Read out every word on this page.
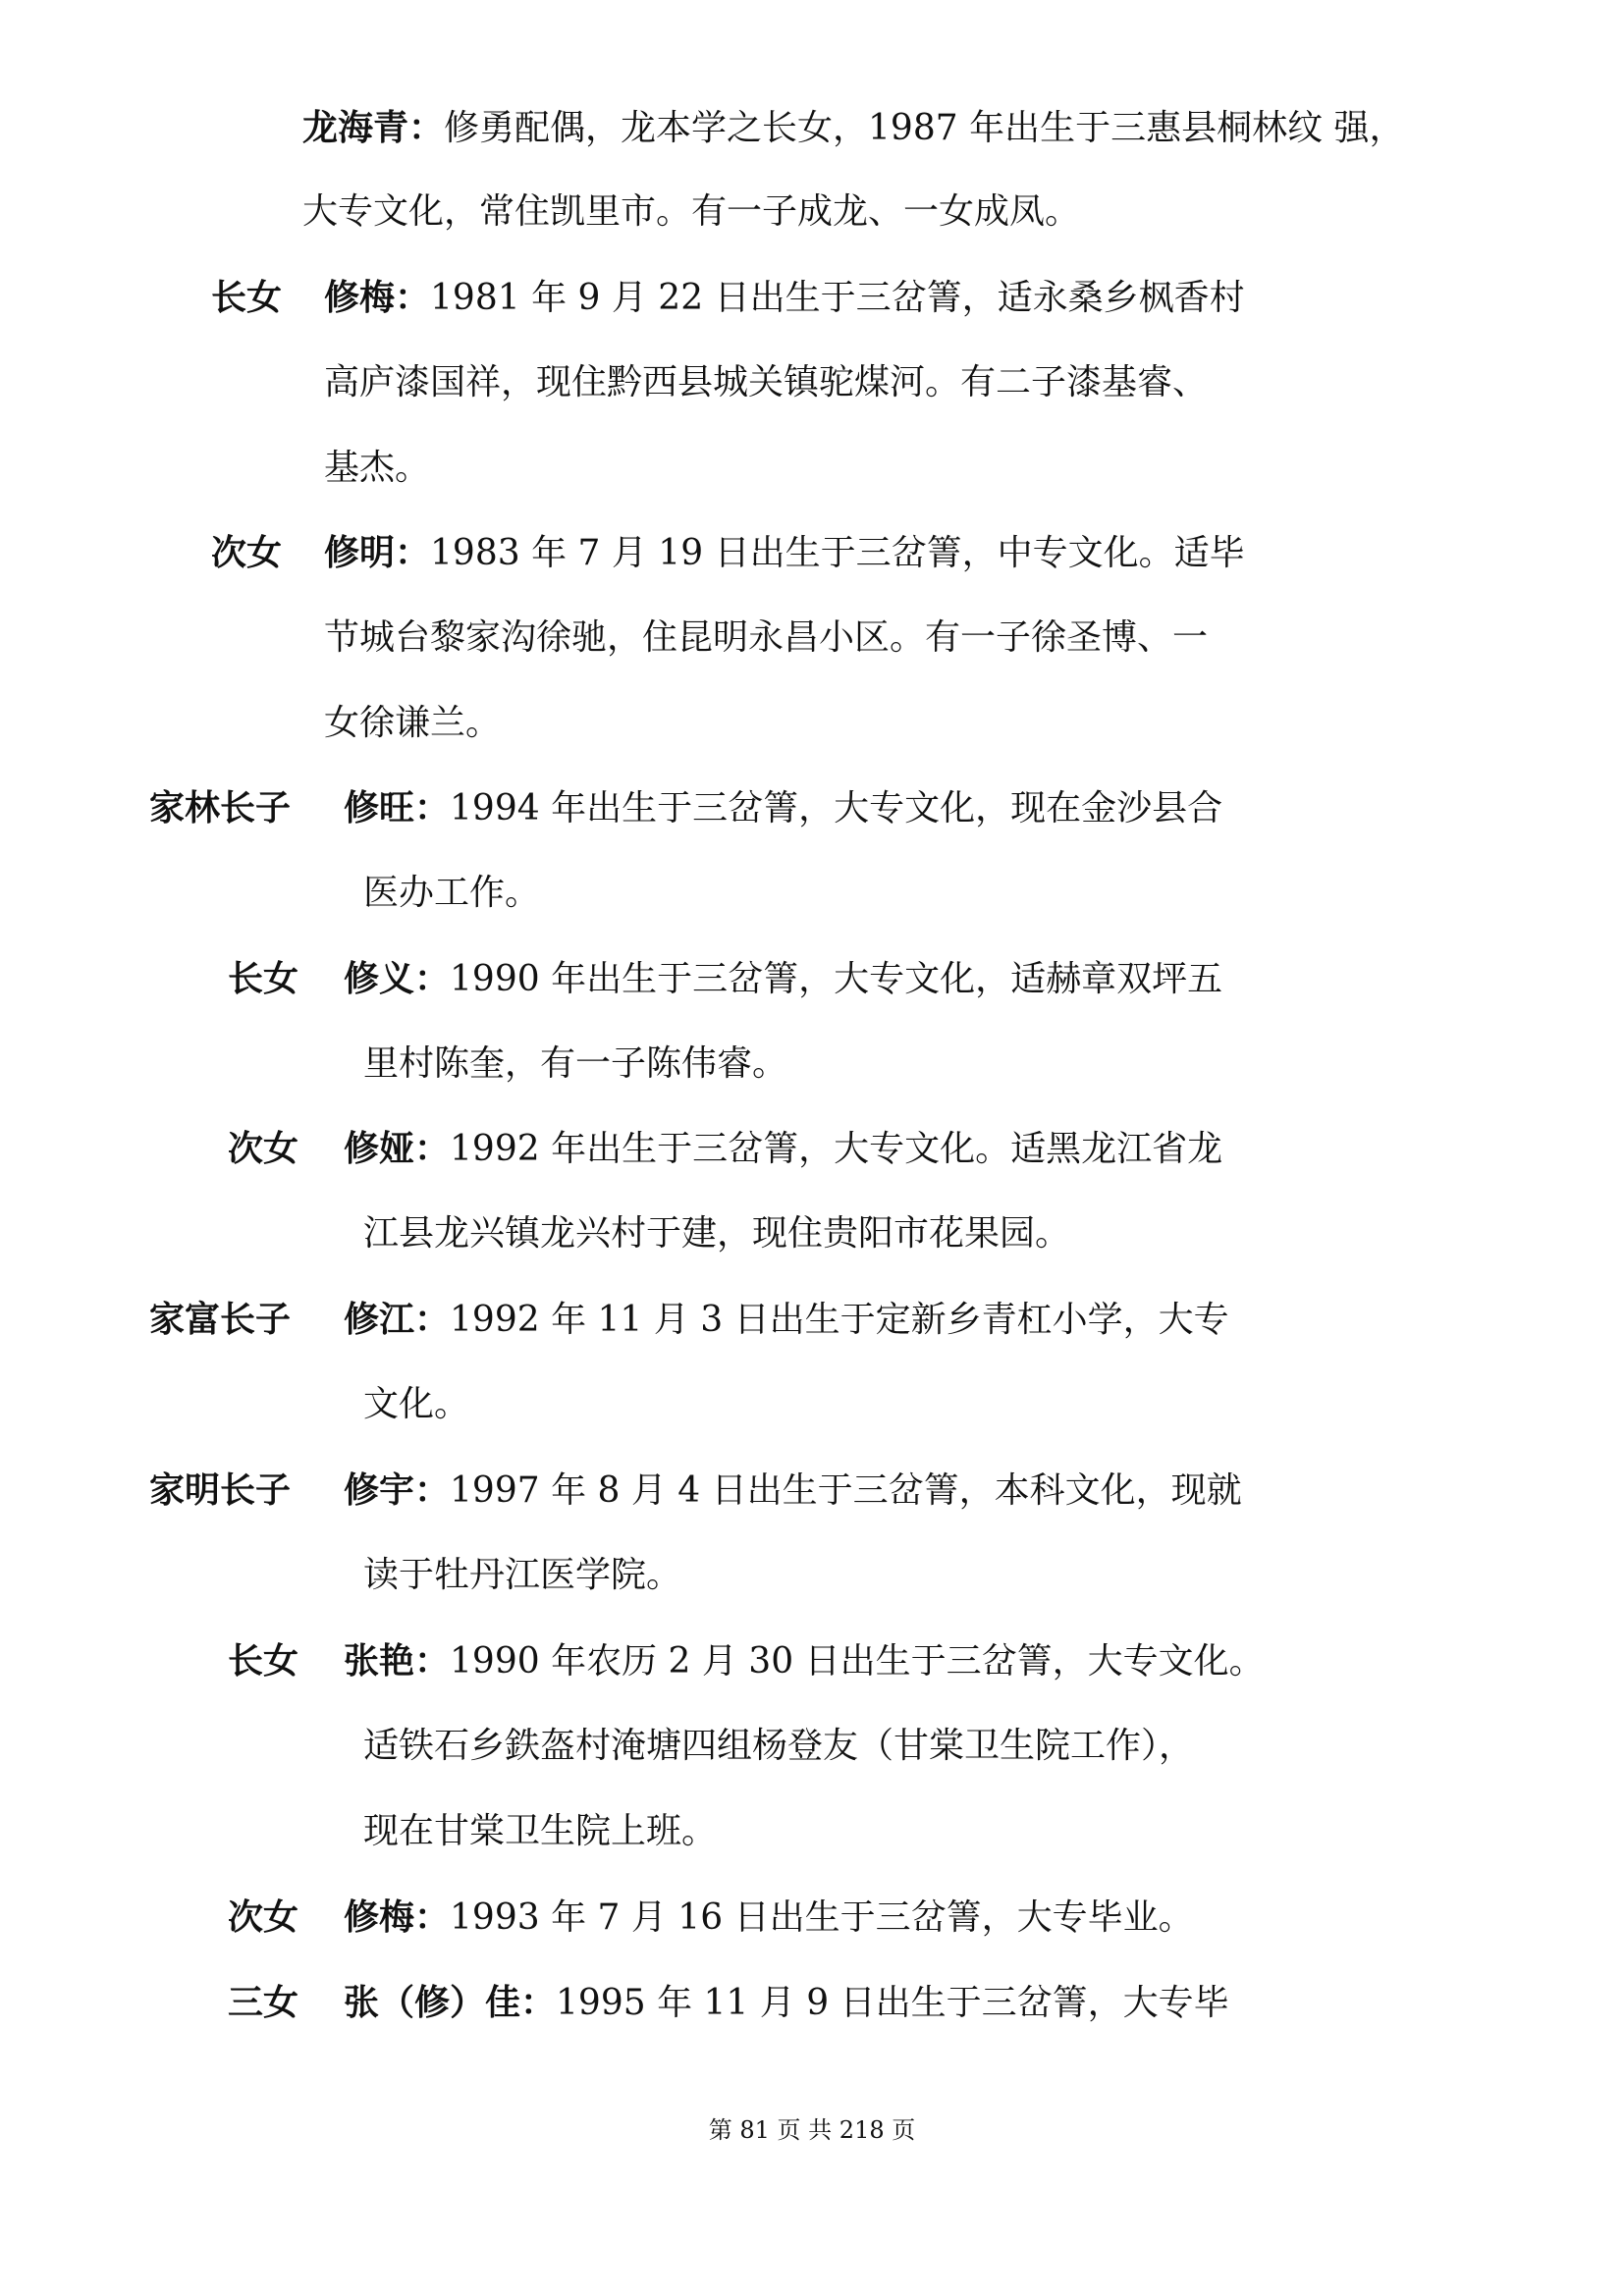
龙海青：修勇配偶，龙本学之长女，1987 年出生于三惠县桐林纹 强，
大专文化，常住凯里市。有一子成龙、一女成凤。
长女 修梅：1981 年 9 月 22 日出生于三岔箐，适永桑乡枫香村
高庐漆国祥，现住黔西县城关镇驼煤河。有二子漆基睿、
基杰。
次女 修明：1983 年 7 月 19 日出生于三岔箐，中专文化。适毕
节城台黎家沟徐驰，住昆明永昌小区。有一子徐圣博、一
女徐谦兰。
家林长子 修旺：1994 年出生于三岔箐，大专文化，现在金沙县合
医办工作。
长女 修义：1990 年出生于三岔箐，大专文化，适赫章双坪五
里村陈奎，有一子陈伟睿。
次女 修娅：1992 年出生于三岔箐，大专文化。适黑龙江省龙
江县龙兴镇龙兴村于建，现住贵阳市花果园。
家富长子 修江：1992 年 11 月 3 日出生于定新乡青杠小学，大专
文化。
家明长子 修宇：1997 年 8 月 4 日出生于三岔箐，本科文化，现就
读于牡丹江医学院。
长女 张艳：1990 年农历 2 月 30 日出生于三岔箐，大专文化。
适铁石乡鉄盔村淹塘四组杨登友（甘棠卫生院工作），
现在甘棠卫生院上班。
次女 修梅：1993 年 7 月 16 日出生于三岔箐，大专毕业。
三女 张（修）佳：1995 年 11 月 9 日出生于三岔箐，大专毕
第 81 页 共 218 页
